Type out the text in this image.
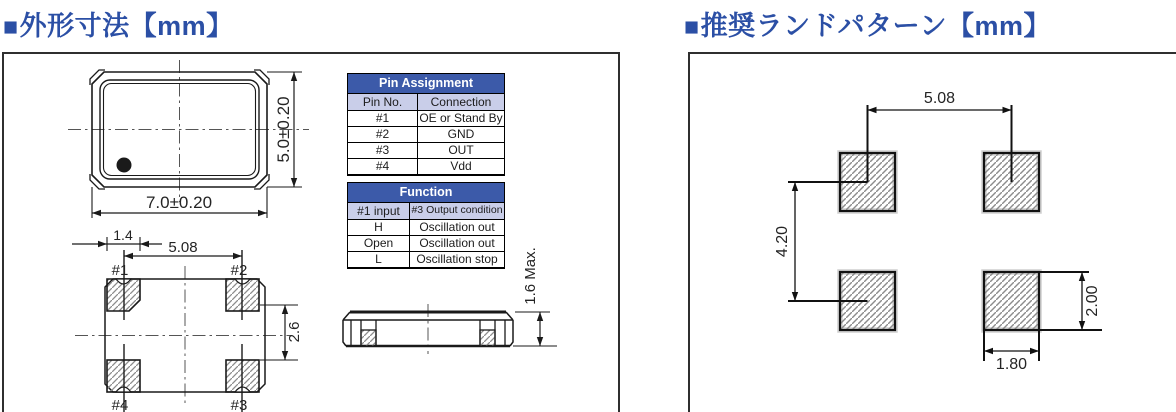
■外形寸法【mm】	■推奨ランドパターン【mm】
7.0±0.20
5.0±0.20
#1	#2
#3
#4
1.4
5.08
2.6
1.6 Max.
Pin Assignment	
Pin No.	Connection
#1	OE or Stand By
#2	GND
#3	OUT
#4	Vdd
Function	
#1 input	#3 Output condition
H	Oscillation out
Open	Oscillation out
L	Oscillation stop
5.08
4.20
2.00
1.80
